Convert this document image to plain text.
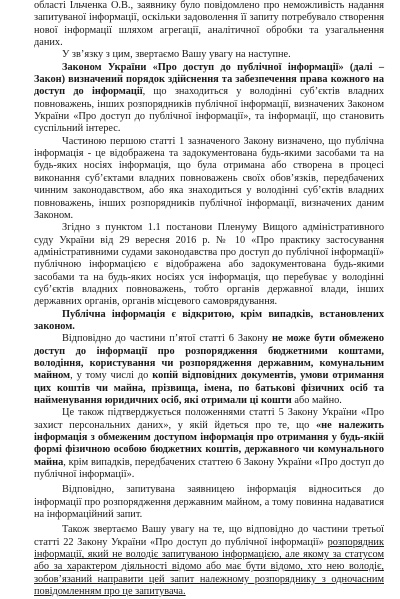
області Ільченка О.В., заявнику було повідомлено про неможливість надання запитуваної інформації, оскільки задоволення її запиту потребувало створення нової інформації шляхом агрегації, аналітичної обробки та узагальнення даних.

У зв’язку з цим, звертаємо Вашу увагу на наступне.

Законом України «Про доступ до публічної інформації» (далі – Закон) визначений порядок здійснення та забезпечення права кожного на доступ до інформації, що знаходиться у володінні суб’єктів владних повноважень, інших розпорядників публічної інформації, визначених Законом України «Про доступ до публічної інформації», та інформації, що становить суспільний інтерес.

Частиною першою статті 1 зазначеного Закону визначено, що публічна інформація - це відображена та задокументована будь-якими засобами та на будь-яких носіях інформація, що була отримана або створена в процесі виконання суб’єктами владних повноважень своїх обов’язків, передбачених чинним законодавством, або яка знаходиться у володінні суб’єктів владних повноважень, інших розпорядників публічної інформації, визначених даним Законом.

Згідно з пунктом 1.1 постанови Пленуму Вищого адміністративного суду України від 29 вересня 2016 р. № 10 «Про практику застосування адміністративними судами законодавства про доступ до публічної інформації» публічною інформацією є відображена або задокументована будь-якими засобами та на будь-яких носіях уся інформація, що перебуває у володінні суб’єктів владних повноважень, тобто органів державної влади, інших державних органів, органів місцевого самоврядування.

Публічна інформація є відкритою, крім випадків, встановлених законом.

Відповідно до частини п’ятої статті 6 Закону не може бути обмежено доступ до інформації про розпорядження бюджетними коштами, володіння, користування чи розпорядження державним, комунальним майном, у тому числі до копій відповідних документів, умови отримання цих коштів чи майна, прізвища, імена, по батькові фізичних осіб та найменування юридичних осіб, які отримали ці кошти або майно.

Це також підтверджується положеннями статті 5 Закону України «Про захист персональних даних», у якій йдеться про те, що «не належить інформація з обмеженим доступом інформація про отримання у будь-якій формі фізичною особою бюджетних коштів, державного чи комунального майна, крім випадків, передбачених статтею 6 Закону України «Про доступ до публічної інформації».

Відповідно, запитувана заявницею інформація відноситься до інформації про розпорядження державним майном, а тому повинна надаватися на інформаційний запит.

Також звертаємо Вашу увагу на те, що відповідно до частини третьої статті 22 Закону України «Про доступ до публічної інформації» розпорядник інформації, який не володіє запитуваною інформацією, але якому за статусом або за характером діяльності відомо або має бути відомо, хто нею володіє, зобов’язаний направити цей запит належному розпоряднику з одночасним повідомленням про це запитувача.
